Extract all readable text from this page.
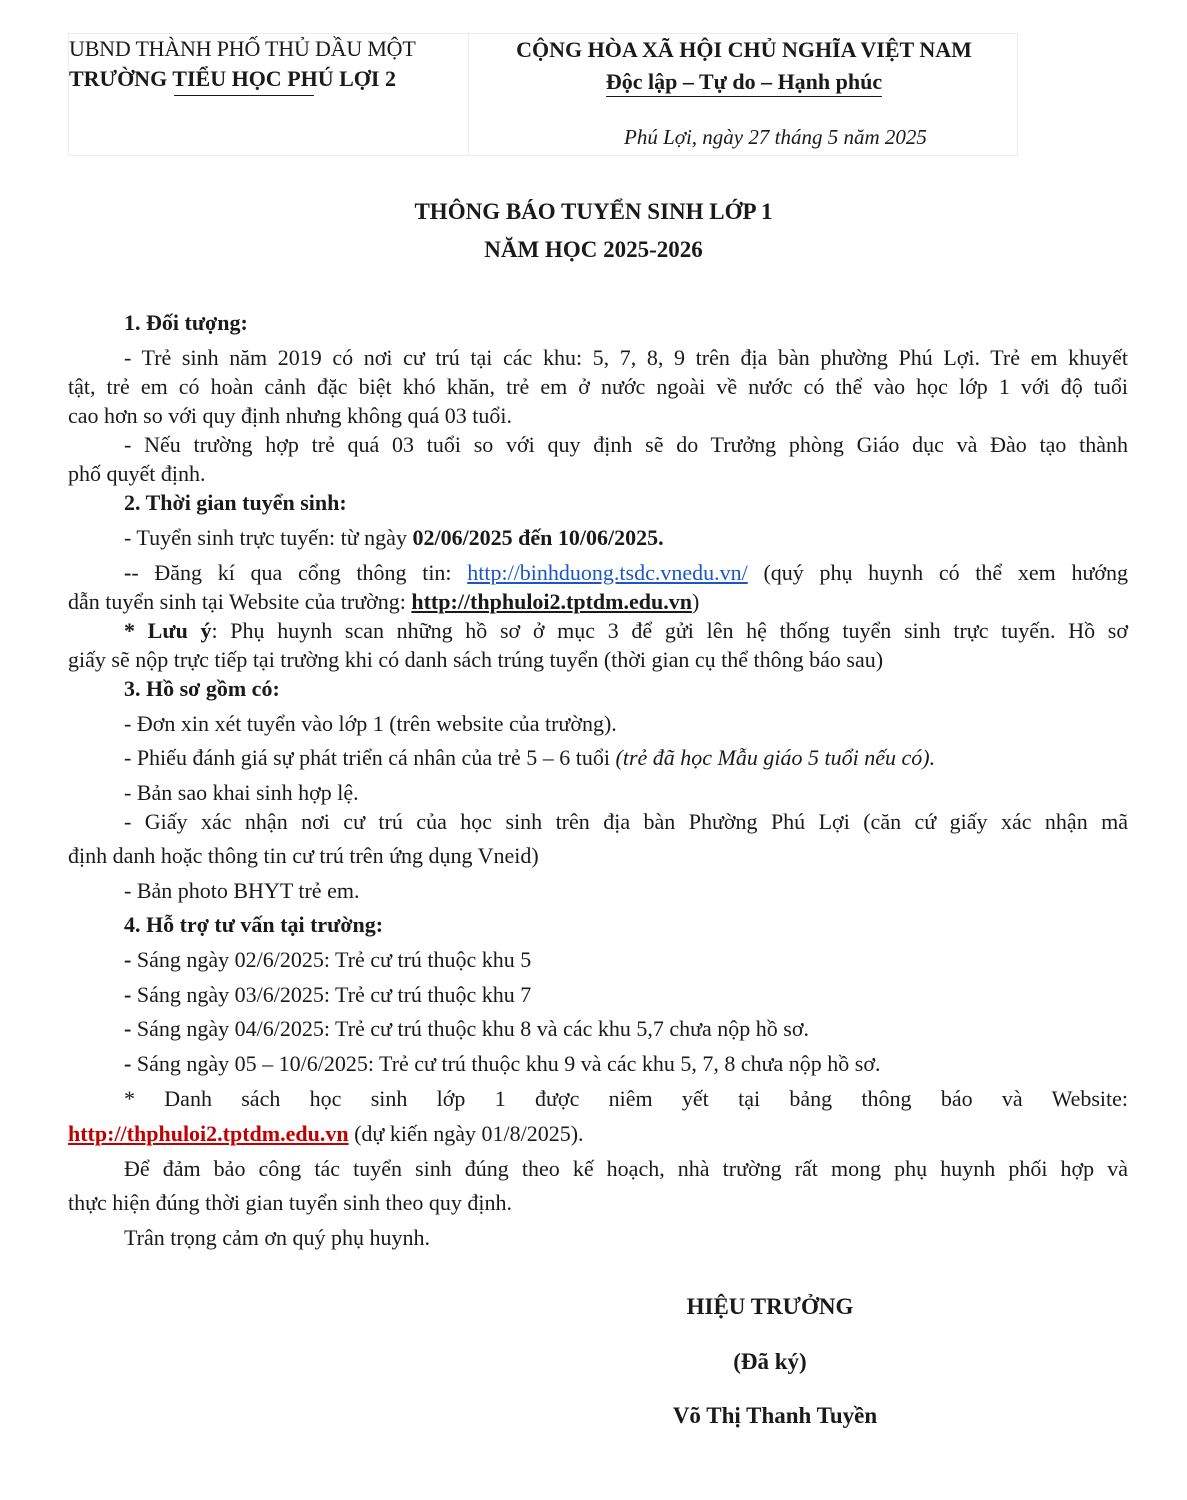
UBND THÀNH PHỐ THỦ DẦU MỘT
TRƯỜNG TIỂU HỌC PHÚ LỢI 2
CỘNG HÒA XÃ HỘI CHỦ NGHĨA VIỆT NAM
Độc lập – Tự do – Hạnh phúc
Phú Lợi, ngày 27 tháng 5 năm 2025
THÔNG BÁO TUYỂN SINH LỚP 1
NĂM HỌC 2025-2026
1. Đối tượng:
- Trẻ sinh năm 2019 có nơi cư trú tại các khu: 5, 7, 8, 9 trên địa bàn phường Phú Lợi. Trẻ em khuyết
tật, trẻ em có hoàn cảnh đặc biệt khó khăn, trẻ em ở nước ngoài về nước có thể vào học lớp 1 với độ tuổi
cao hơn so với quy định nhưng không quá 03 tuổi.
- Nếu trường hợp trẻ quá 03 tuổi so với quy định sẽ do Trưởng phòng Giáo dục và Đào tạo thành
phố quyết định.
2. Thời gian tuyển sinh:
- Tuyển sinh trực tuyến: từ ngày 02/06/2025 đến 10/06/2025.
-- Đăng kí qua cổng thông tin: http://binhduong.tsdc.vnedu.vn/ (quý phụ huynh có thể xem hướng
dẫn tuyển sinh tại Website của trường: http://thphuloi2.tptdm.edu.vn)
* Lưu ý: Phụ huynh scan những hồ sơ ở mục 3 để gửi lên hệ thống tuyển sinh trực tuyến. Hồ sơ
giấy sẽ nộp trực tiếp tại trường khi có danh sách trúng tuyển (thời gian cụ thể thông báo sau)
3. Hồ sơ gồm có:
- Đơn xin xét tuyển vào lớp 1 (trên website của trường).
- Phiếu đánh giá sự phát triển cá nhân của trẻ 5 – 6 tuổi (trẻ đã học Mẫu giáo 5 tuổi nếu có).
- Bản sao khai sinh hợp lệ.
- Giấy xác nhận nơi cư trú của học sinh trên địa bàn Phường Phú Lợi (căn cứ giấy xác nhận mã
định danh hoặc thông tin cư trú trên ứng dụng Vneid)
- Bản photo BHYT trẻ em.
4. Hỗ trợ tư vấn tại trường:
- Sáng ngày 02/6/2025: Trẻ cư trú thuộc khu 5
- Sáng ngày 03/6/2025: Trẻ cư trú thuộc khu 7
- Sáng ngày 04/6/2025: Trẻ cư trú thuộc khu 8 và các khu 5,7 chưa nộp hồ sơ.
- Sáng ngày 05 – 10/6/2025: Trẻ cư trú thuộc khu 9 và các khu 5, 7, 8 chưa nộp hồ sơ.
*  Danh  sách  học  sinh  lớp  1  được  niêm  yết  tại  bảng  thông  báo  và  Website:
http://thphuloi2.tptdm.edu.vn (dự kiến ngày 01/8/2025).
Để đảm bảo công tác tuyển sinh đúng theo kế hoạch, nhà trường rất mong phụ huynh phối hợp và
thực hiện đúng thời gian tuyển sinh theo quy định.
Trân trọng cảm ơn quý phụ huynh.
HIỆU TRƯỞNG
(Đã ký)
Võ Thị Thanh Tuyền
